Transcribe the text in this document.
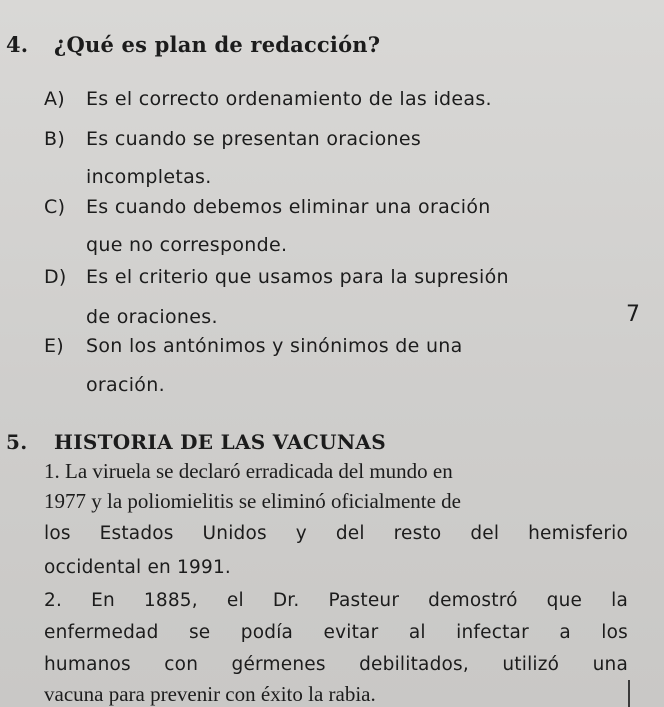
4. ¿Qué es plan de redacción?
A) Es el correcto ordenamiento de las ideas.
B) Es cuando se presentan oraciones
incompletas.
C) Es cuando debemos eliminar una oración
que no corresponde.
D) Es el criterio que usamos para la supresión
de oraciones.	7
E) Son los antónimos y sinónimos de una
oración.
5. HISTORIA DE LAS VACUNAS
1. La viruela se declaró erradicada del mundo en
1977 y la poliomielitis se eliminó oficialmente de
los Estados Unidos y del resto del hemisferio
occidental en 1991.
2. En 1885, el Dr. Pasteur demostró que la
enfermedad se podía evitar al infectar a los
humanos con gérmenes debilitados, utilizó una
vacuna para prevenir con éxito la rabia.
